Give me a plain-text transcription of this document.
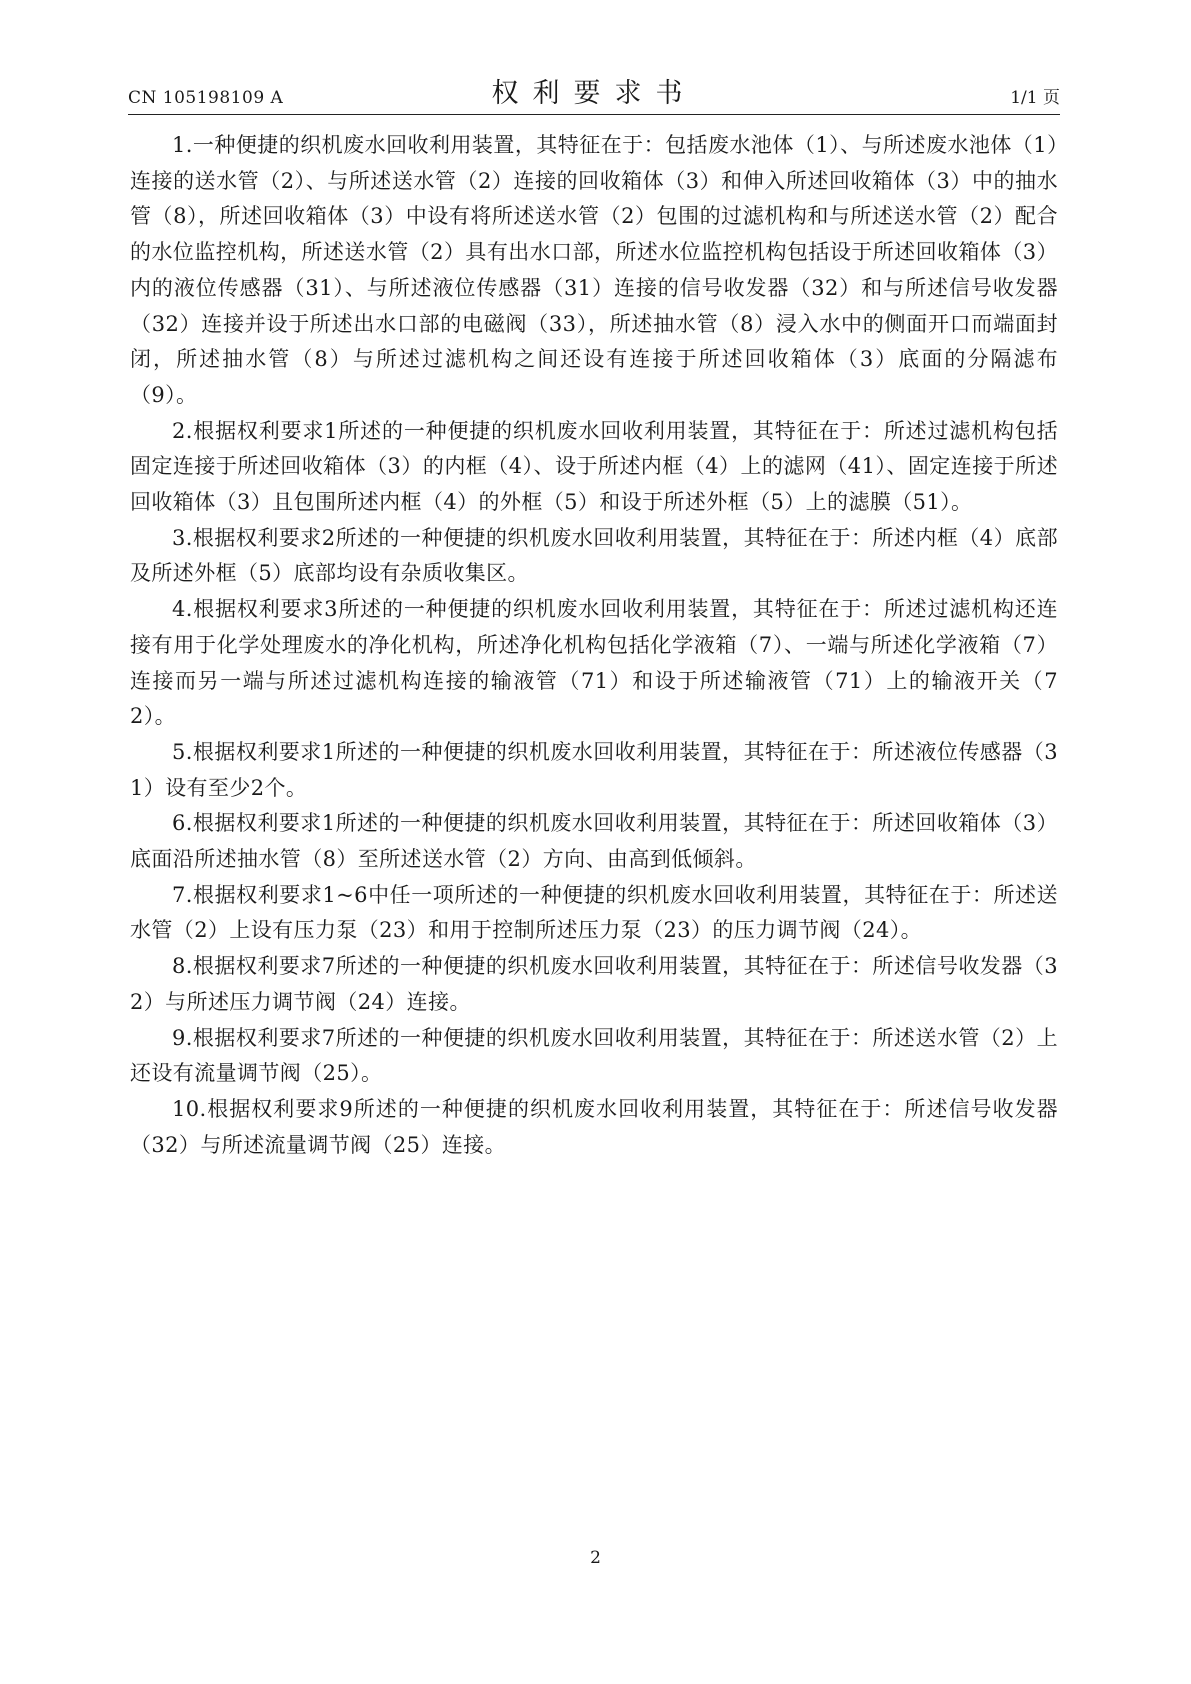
CN 105198109 A	权利要求书	1/1 页

1.一种便捷的织机废水回收利用装置，其特征在于：包括废水池体（1）、与所述废水池体（1）连接的送水管（2）、与所述送水管（2）连接的回收箱体（3）和伸入所述回收箱体（3）中的抽水管（8），所述回收箱体（3）中设有将所述送水管（2）包围的过滤机构和与所述送水管（2）配合的水位监控机构，所述送水管（2）具有出水口部，所述水位监控机构包括设于所述回收箱体（3）内的液位传感器（31）、与所述液位传感器（31）连接的信号收发器（32）和与所述信号收发器（32）连接并设于所述出水口部的电磁阀（33），所述抽水管（8）浸入水中的侧面开口而端面封闭，所述抽水管（8）与所述过滤机构之间还设有连接于所述回收箱体（3）底面的分隔滤布（9）。

2.根据权利要求1所述的一种便捷的织机废水回收利用装置，其特征在于：所述过滤机构包括固定连接于所述回收箱体（3）的内框（4）、设于所述内框（4）上的滤网（41）、固定连接于所述回收箱体（3）且包围所述内框（4）的外框（5）和设于所述外框（5）上的滤膜（51）。

3.根据权利要求2所述的一种便捷的织机废水回收利用装置，其特征在于：所述内框（4）底部及所述外框（5）底部均设有杂质收集区。

4.根据权利要求3所述的一种便捷的织机废水回收利用装置，其特征在于：所述过滤机构还连接有用于化学处理废水的净化机构，所述净化机构包括化学液箱（7）、一端与所述化学液箱（7）连接而另一端与所述过滤机构连接的输液管（71）和设于所述输液管（71）上的输液开关（72）。

5.根据权利要求1所述的一种便捷的织机废水回收利用装置，其特征在于：所述液位传感器（31）设有至少2个。

6.根据权利要求1所述的一种便捷的织机废水回收利用装置，其特征在于：所述回收箱体（3）底面沿所述抽水管（8）至所述送水管（2）方向、由高到低倾斜。

7.根据权利要求1~6中任一项所述的一种便捷的织机废水回收利用装置，其特征在于：所述送水管（2）上设有压力泵（23）和用于控制所述压力泵（23）的压力调节阀（24）。

8.根据权利要求7所述的一种便捷的织机废水回收利用装置，其特征在于：所述信号收发器（32）与所述压力调节阀（24）连接。

9.根据权利要求7所述的一种便捷的织机废水回收利用装置，其特征在于：所述送水管（2）上还设有流量调节阀（25）。

10.根据权利要求9所述的一种便捷的织机废水回收利用装置，其特征在于：所述信号收发器（32）与所述流量调节阀（25）连接。

2
